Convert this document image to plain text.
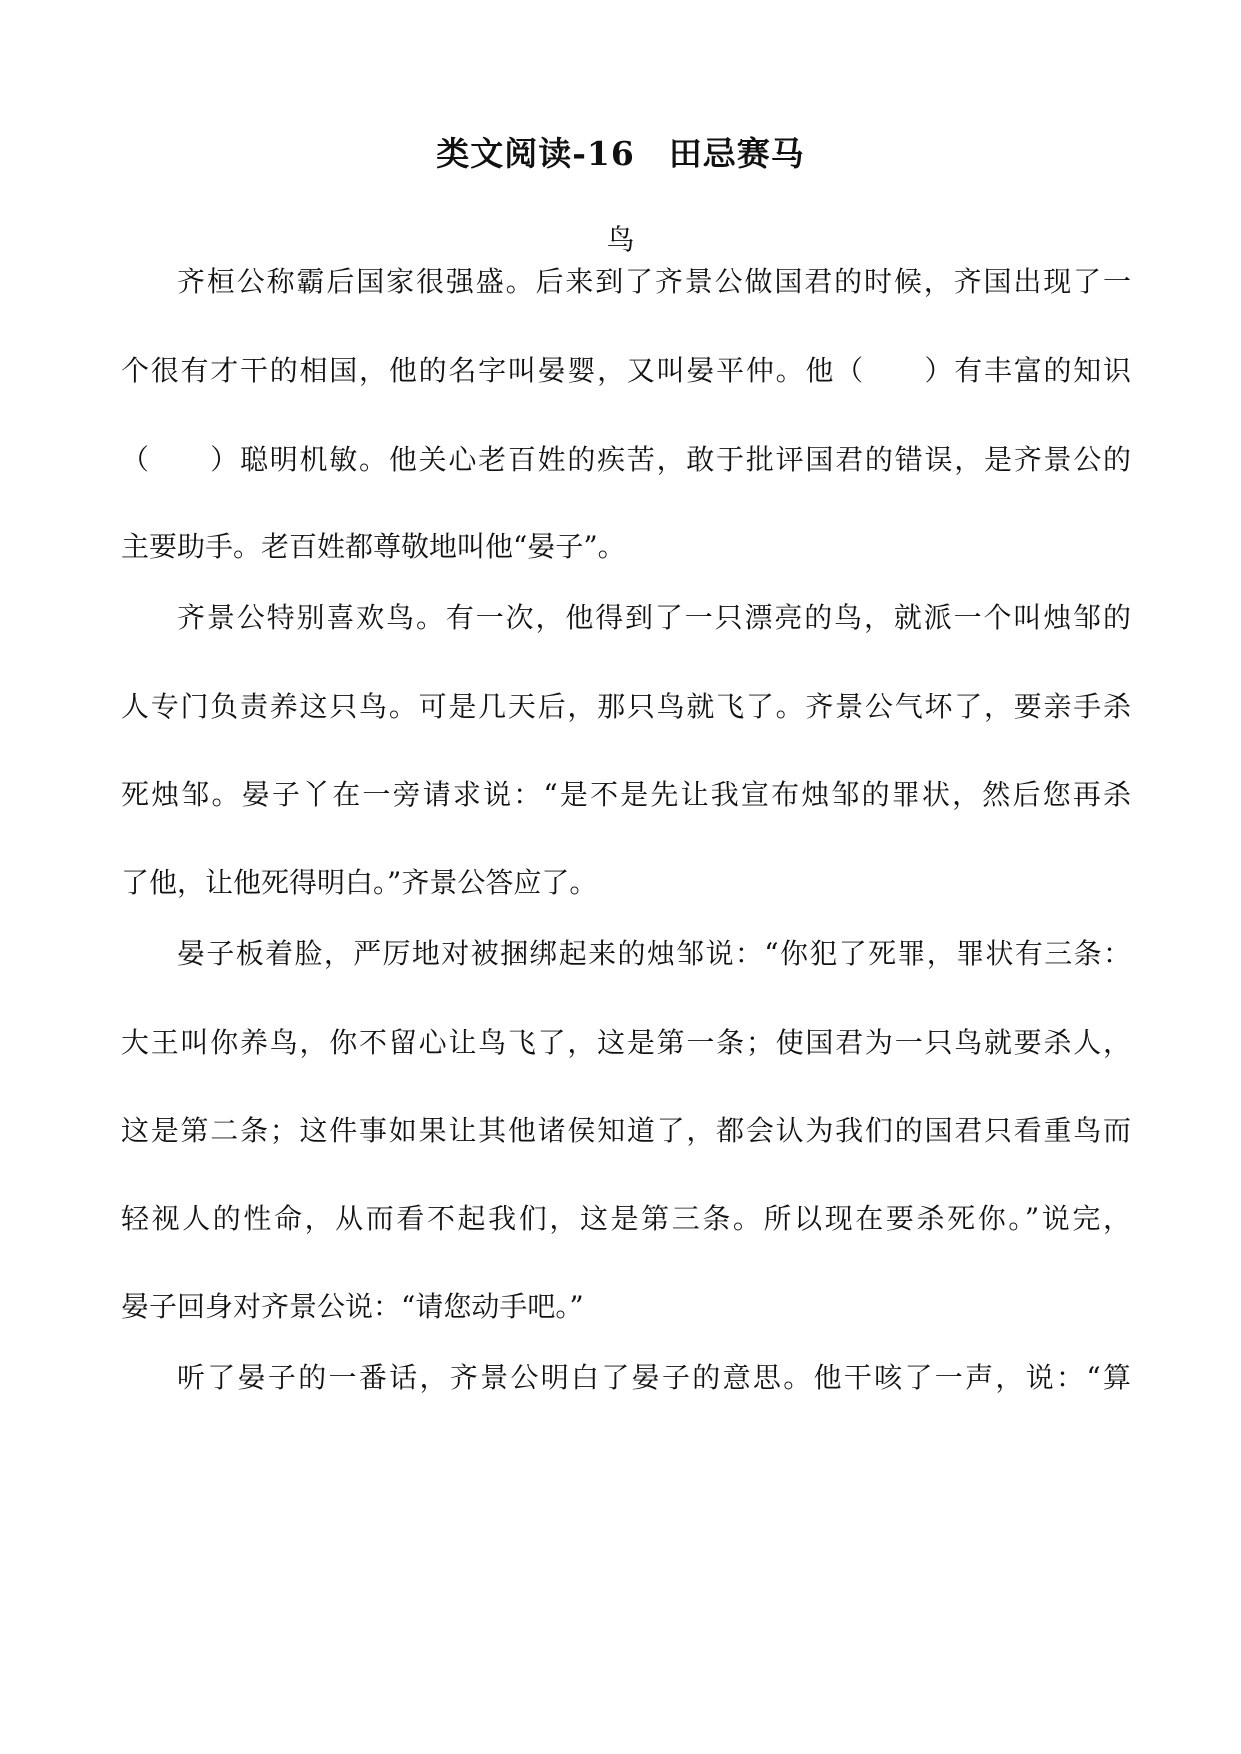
类文阅读-16　田忌赛马
鸟
齐桓公称霸后国家很强盛。后来到了齐景公做国君的时候，齐国出现了一
个很有才干的相国，他的名字叫晏婴，又叫晏平仲。他（　　）有丰富的知识
（　　）聪明机敏。他关心老百姓的疾苦，敢于批评国君的错误，是齐景公的
主要助手。老百姓都尊敬地叫他“晏子”。
齐景公特别喜欢鸟。有一次，他得到了一只漂亮的鸟，就派一个叫烛邹的
人专门负责养这只鸟。可是几天后，那只鸟就飞了。齐景公气坏了，要亲手杀
死烛邹。晏子丫在一旁请求说：“是不是先让我宣布烛邹的罪状，然后您再杀
了他，让他死得明白。”齐景公答应了。
晏子板着脸，严厉地对被捆绑起来的烛邹说：“你犯了死罪，罪状有三条：
大王叫你养鸟，你不留心让鸟飞了，这是第一条；使国君为一只鸟就要杀人，
这是第二条；这件事如果让其他诸侯知道了，都会认为我们的国君只看重鸟而
轻视人的性命，从而看不起我们，这是第三条。所以现在要杀死你。”说完，
晏子回身对齐景公说：“请您动手吧。”
听了晏子的一番话，齐景公明白了晏子的意思。他干咳了一声，说：“算
